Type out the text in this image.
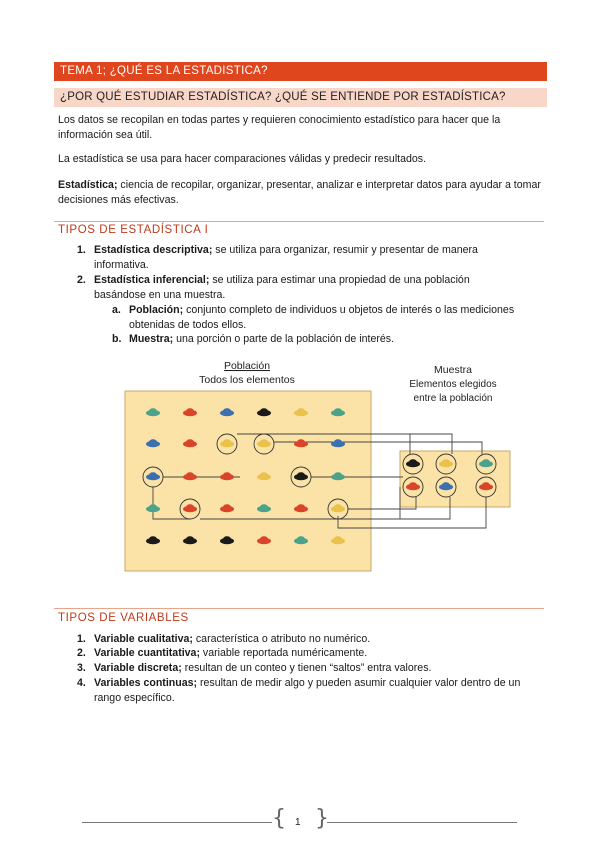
TEMA 1; ¿QUÉ ES LA ESTADISTICA?
¿POR QUÉ ESTUDIAR ESTADÍSTICA? ¿QUÉ SE ENTIENDE POR ESTADÍSTICA?
Los datos se recopilan en todas partes y requieren conocimiento estadístico para hacer que la información sea útil.
La estadística se usa para hacer comparaciones válidas y predecir resultados.
Estadística; ciencia de recopilar, organizar, presentar, analizar e interpretar datos para ayudar a tomar decisiones más efectivas.
TIPOS DE ESTADÍSTICA I
1. Estadística descriptiva; se utiliza para organizar, resumir y presentar de manera informativa.
2. Estadística inferencial; se utiliza para estimar una propiedad de una población basándose en una muestra.
a. Población; conjunto completo de individuos u objetos de interés o las mediciones obtenidas de todos ellos.
b. Muestra; una porción o parte de la población de interés.
Población
Todos los elementos
Muestra
Elementos elegidos
entre la población
TIPOS DE VARIABLES
1. Variable cualitativa; característica o atributo no numérico.
2. Variable cuantitativa; variable reportada numéricamente.
3. Variable discreta; resultan de un conteo y tienen “saltos” entra valores.
4. Variables continuas; resultan de medir algo y pueden asumir cualquier valor dentro de un rango específico.
{ }
1
